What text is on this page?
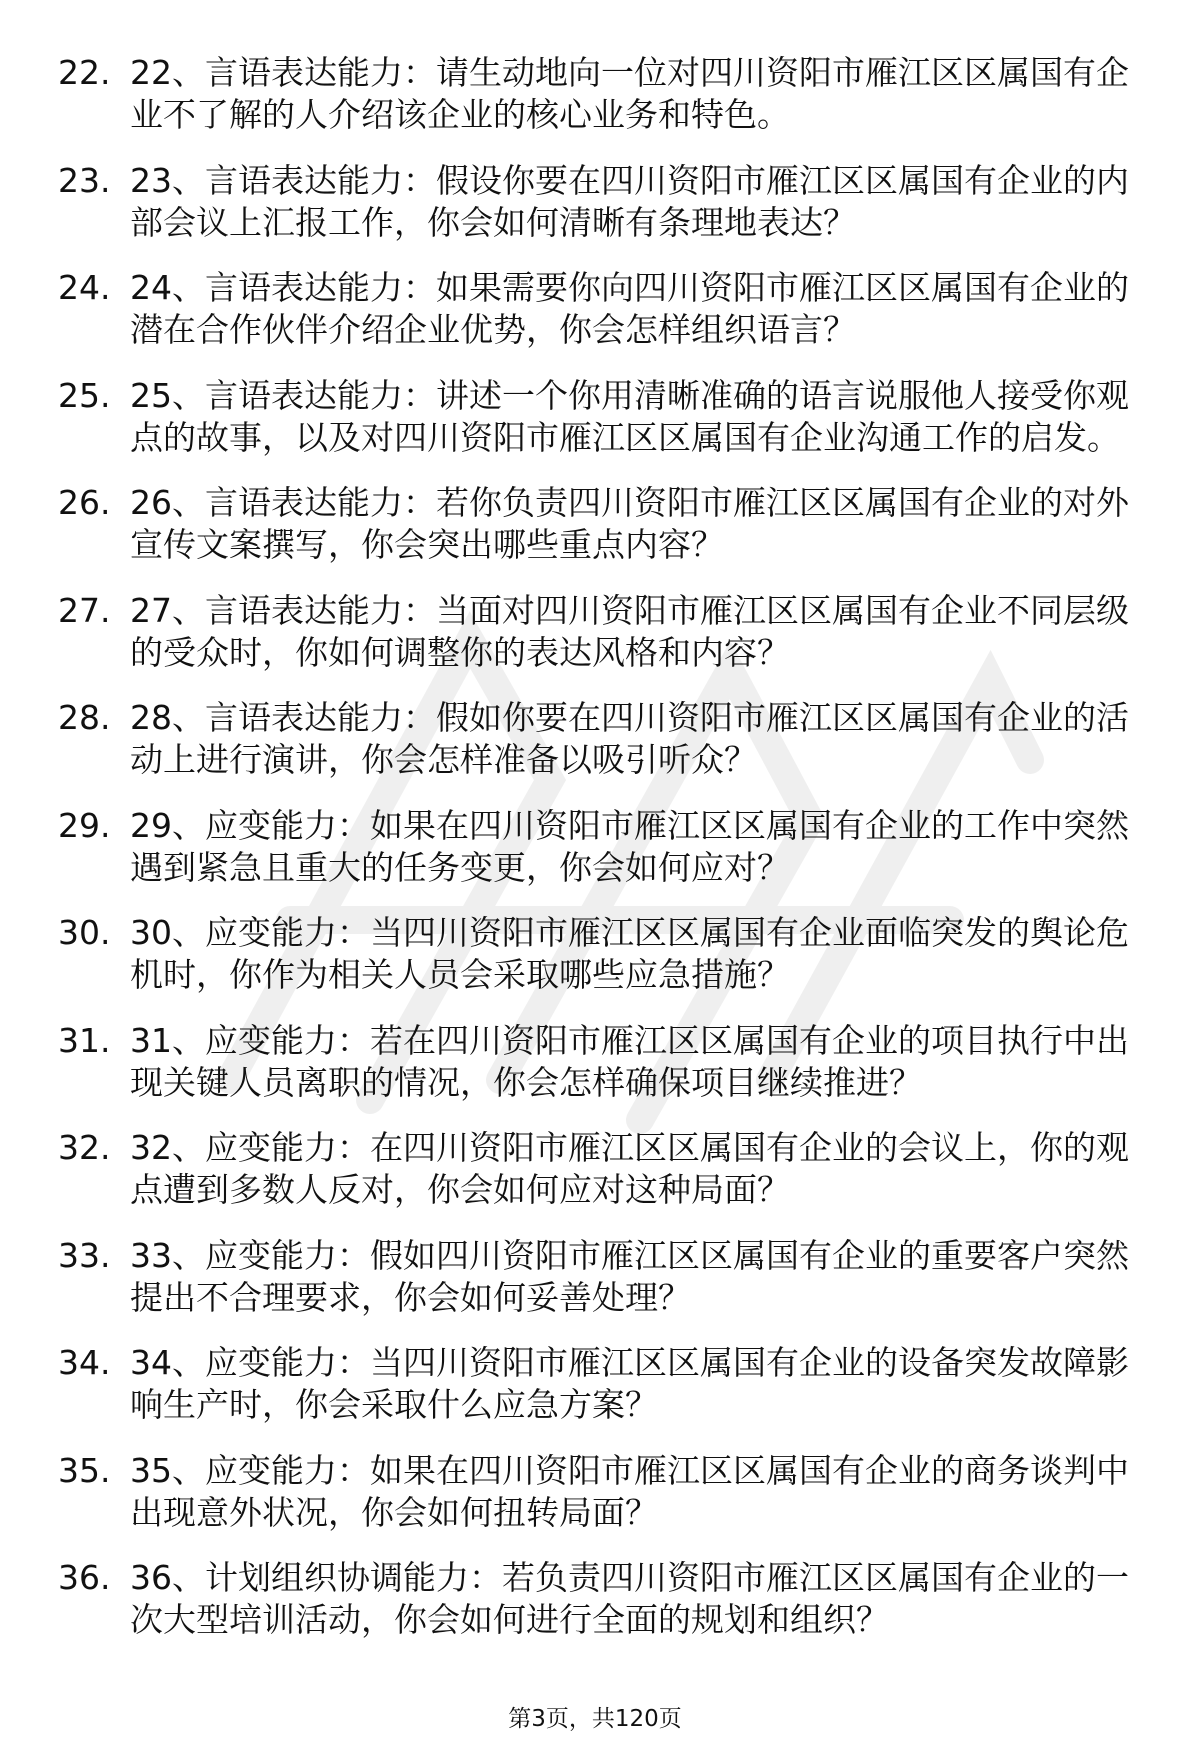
22. 22、言语表达能力：请生动地向一位对四川资阳市雁江区区属国有企业不了解的人介绍该企业的核心业务和特色。
23. 23、言语表达能力：假设你要在四川资阳市雁江区区属国有企业的内部会议上汇报工作，你会如何清晰有条理地表达？
24. 24、言语表达能力：如果需要你向四川资阳市雁江区区属国有企业的潜在合作伙伴介绍企业优势，你会怎样组织语言？
25. 25、言语表达能力：讲述一个你用清晰准确的语言说服他人接受你观点的故事，以及对四川资阳市雁江区区属国有企业沟通工作的启发。
26. 26、言语表达能力：若你负责四川资阳市雁江区区属国有企业的对外宣传文案撰写，你会突出哪些重点内容？
27. 27、言语表达能力：当面对四川资阳市雁江区区属国有企业不同层级的受众时，你如何调整你的表达风格和内容？
28. 28、言语表达能力：假如你要在四川资阳市雁江区区属国有企业的活动上进行演讲，你会怎样准备以吸引听众？
29. 29、应变能力：如果在四川资阳市雁江区区属国有企业的工作中突然遇到紧急且重大的任务变更，你会如何应对？
30. 30、应变能力：当四川资阳市雁江区区属国有企业面临突发的舆论危机时，你作为相关人员会采取哪些应急措施？
31. 31、应变能力：若在四川资阳市雁江区区属国有企业的项目执行中出现关键人员离职的情况，你会怎样确保项目继续推进？
32. 32、应变能力：在四川资阳市雁江区区属国有企业的会议上，你的观点遭到多数人反对，你会如何应对这种局面？
33. 33、应变能力：假如四川资阳市雁江区区属国有企业的重要客户突然提出不合理要求，你会如何妥善处理？
34. 34、应变能力：当四川资阳市雁江区区属国有企业的设备突发故障影响生产时，你会采取什么应急方案？
35. 35、应变能力：如果在四川资阳市雁江区区属国有企业的商务谈判中出现意外状况，你会如何扭转局面？
36. 36、计划组织协调能力：若负责四川资阳市雁江区区属国有企业的一次大型培训活动，你会如何进行全面的规划和组织？
第3页，共120页
